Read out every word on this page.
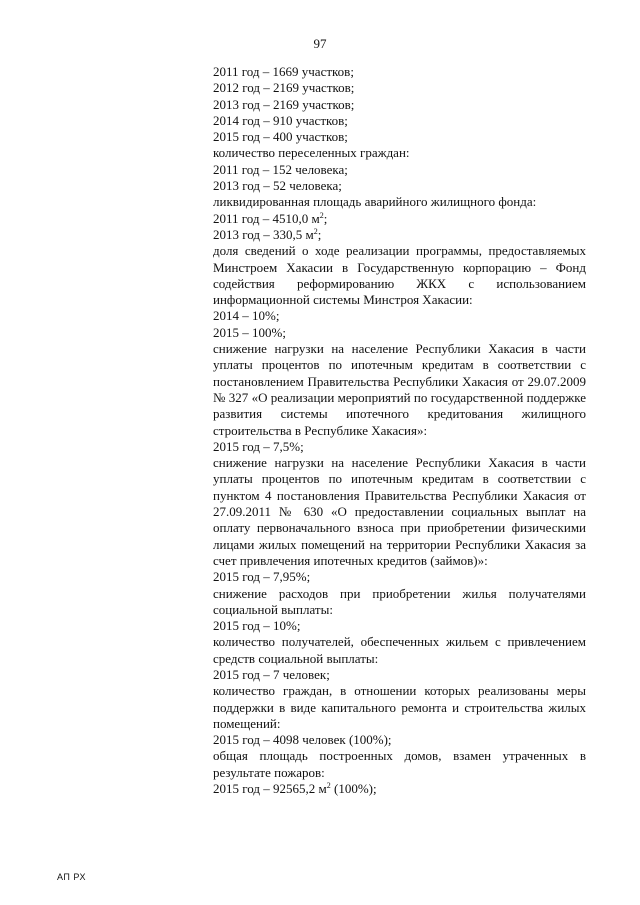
97

2011 год – 1669 участков;

2012 год – 2169 участков;

2013 год – 2169 участков;

2014 год – 910 участков;

2015 год – 400 участков;

количество переселенных граждан:

2011 год – 152 человека;

2013 год – 52 человека;

ликвидированная площадь аварийного жилищного фонда:

2011 год – 4510,0 $м^2$;

2013 год – 330,5 $м^2$;

доля сведений о ходе реализации программы, предоставляемых Минстроем Хакасии в Государственную корпорацию – Фонд содействия реформированию ЖКХ с использованием информационной системы Минстроя Хакасии:

2014 – 10%;

2015 – 100%;

снижение нагрузки на население Республики Хакасия в части уплаты процентов по ипотечным кредитам в соответствии с постановлением Правительства Республики Хакасия от 29.07.2009 № 327 «О реализации мероприятий по государственной поддержке развития системы ипотечного кредитования жилищного строительства в Республике Хакасия»:

2015 год – 7,5%;

снижение нагрузки на население Республики Хакасия в части уплаты процентов по ипотечным кредитам в соответствии с пунктом 4 постановления Правительства Республики Хакасия от 27.09.2011 № 630 «О предоставлении социальных выплат на оплату первоначального взноса при приобретении физическими лицами жилых помещений на территории Республики Хакасия за счет привлечения ипотечных кредитов (займов)»:

2015 год – 7,95%;

снижение расходов при приобретении жилья получателями социальной выплаты:

2015 год – 10%;

количество получателей, обеспеченных жильем с привлечением средств социальной выплаты:

2015 год – 7 человек;

количество граждан, в отношении которых реализованы меры поддержки в виде капитального ремонта и строительства жилых помещений:

2015 год – 4098 человек (100%);

общая площадь построенных домов, взамен утраченных в результате пожаров:

2015 год – 92565,2 $м^2$ (100%);

АП РХ
